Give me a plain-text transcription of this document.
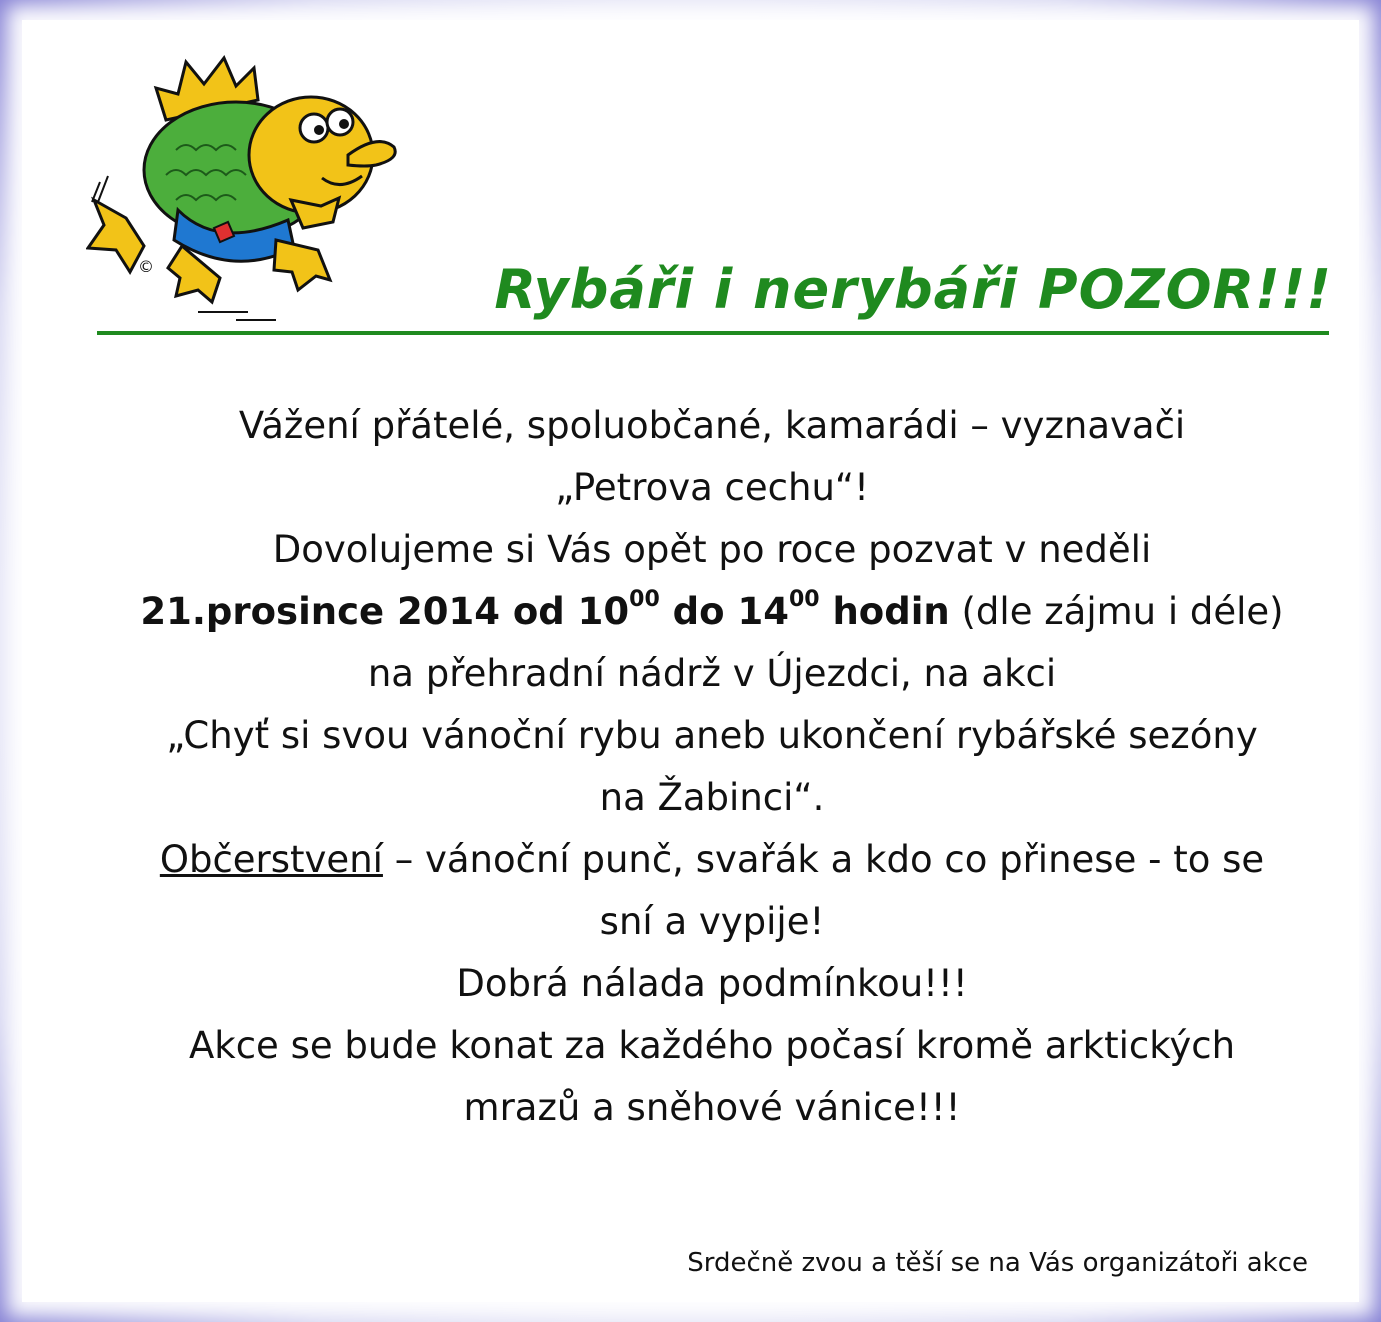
©	Rybáři i nerybáři POZOR!!!
Vážení přátelé, spoluobčané, kamarádi – vyznavači
„Petrova cechu“!
Dovolujeme si Vás opět po roce pozvat v neděli
21.prosince 2014 od $10^{00}$ do $14^{00}$ hodin (dle zájmu i déle)
na přehradní nádrž v Újezdci, na akci
„Chyť si svou vánoční rybu aneb ukončení rybářské sezóny
na Žabinci“.
Občerstvení – vánoční punč, svařák a kdo co přinese - to se
sní a vypije!
Dobrá nálada podmínkou!!!
Akce se bude konat za každého počasí kromě arktických
mrazů a sněhové vánice!!!
Srdečně zvou a těší se na Vás organizátoři akce
